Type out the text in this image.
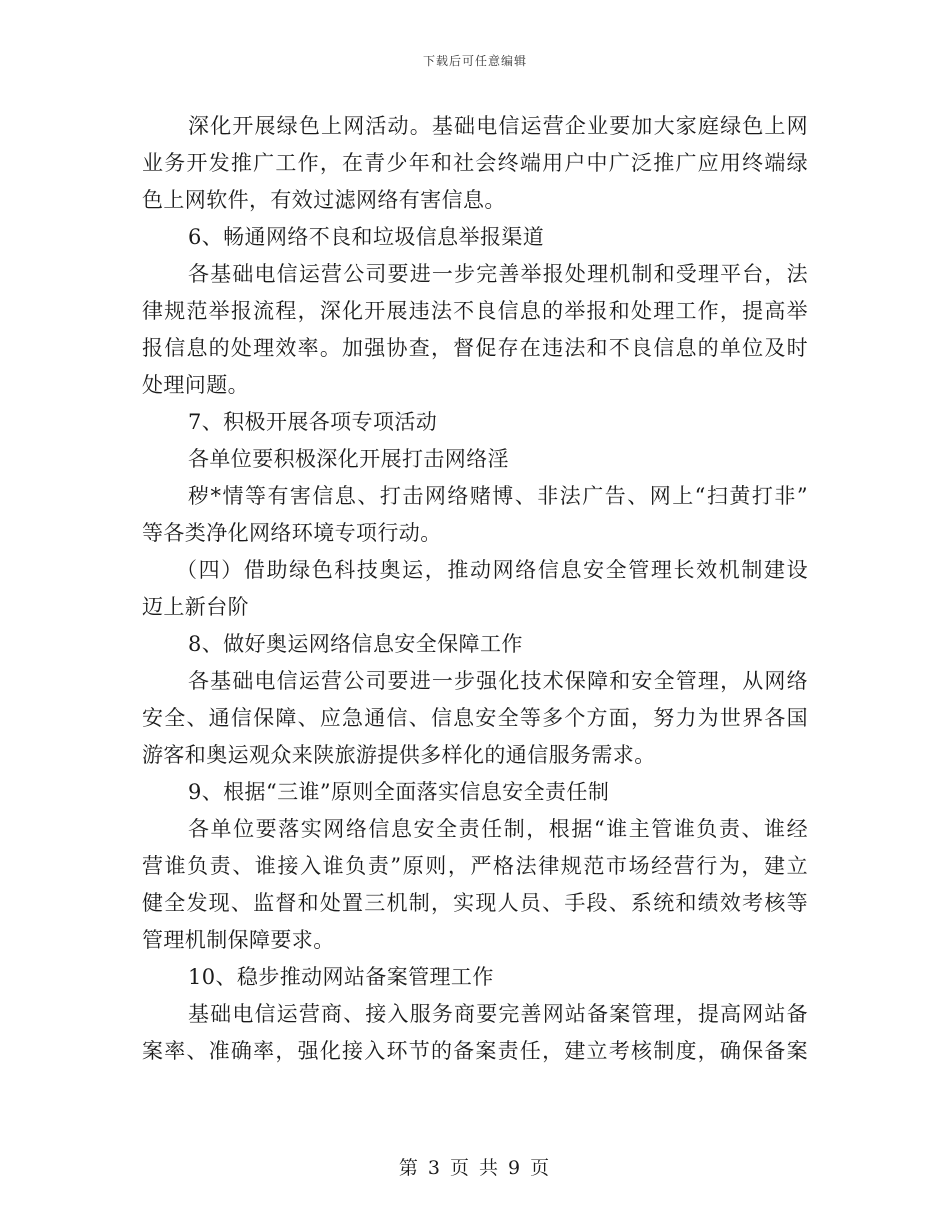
下载后可任意编辑
深化开展绿色上网活动。基础电信运营企业要加大家庭绿色上网
业务开发推广工作，在青少年和社会终端用户中广泛推广应用终端绿
色上网软件，有效过滤网络有害信息。
6、畅通网络不良和垃圾信息举报渠道
各基础电信运营公司要进一步完善举报处理机制和受理平台，法
律规范举报流程，深化开展违法不良信息的举报和处理工作，提高举
报信息的处理效率。加强协查，督促存在违法和不良信息的单位及时
处理问题。
7、积极开展各项专项活动
各单位要积极深化开展打击网络淫
秽*情等有害信息、打击网络赌博、非法广告、网上“扫黄打非”
等各类净化网络环境专项行动。
（四）借助绿色科技奥运，推动网络信息安全管理长效机制建设
迈上新台阶
8、做好奥运网络信息安全保障工作
各基础电信运营公司要进一步强化技术保障和安全管理，从网络
安全、通信保障、应急通信、信息安全等多个方面，努力为世界各国
游客和奥运观众来陕旅游提供多样化的通信服务需求。
9、根据“三谁”原则全面落实信息安全责任制
各单位要落实网络信息安全责任制，根据“谁主管谁负责、谁经
营谁负责、谁接入谁负责”原则，严格法律规范市场经营行为，建立
健全发现、监督和处置三机制，实现人员、手段、系统和绩效考核等
管理机制保障要求。
10、稳步推动网站备案管理工作
基础电信运营商、接入服务商要完善网站备案管理，提高网站备
案率、准确率，强化接入环节的备案责任，建立考核制度，确保备案
第 3 页 共 9 页
